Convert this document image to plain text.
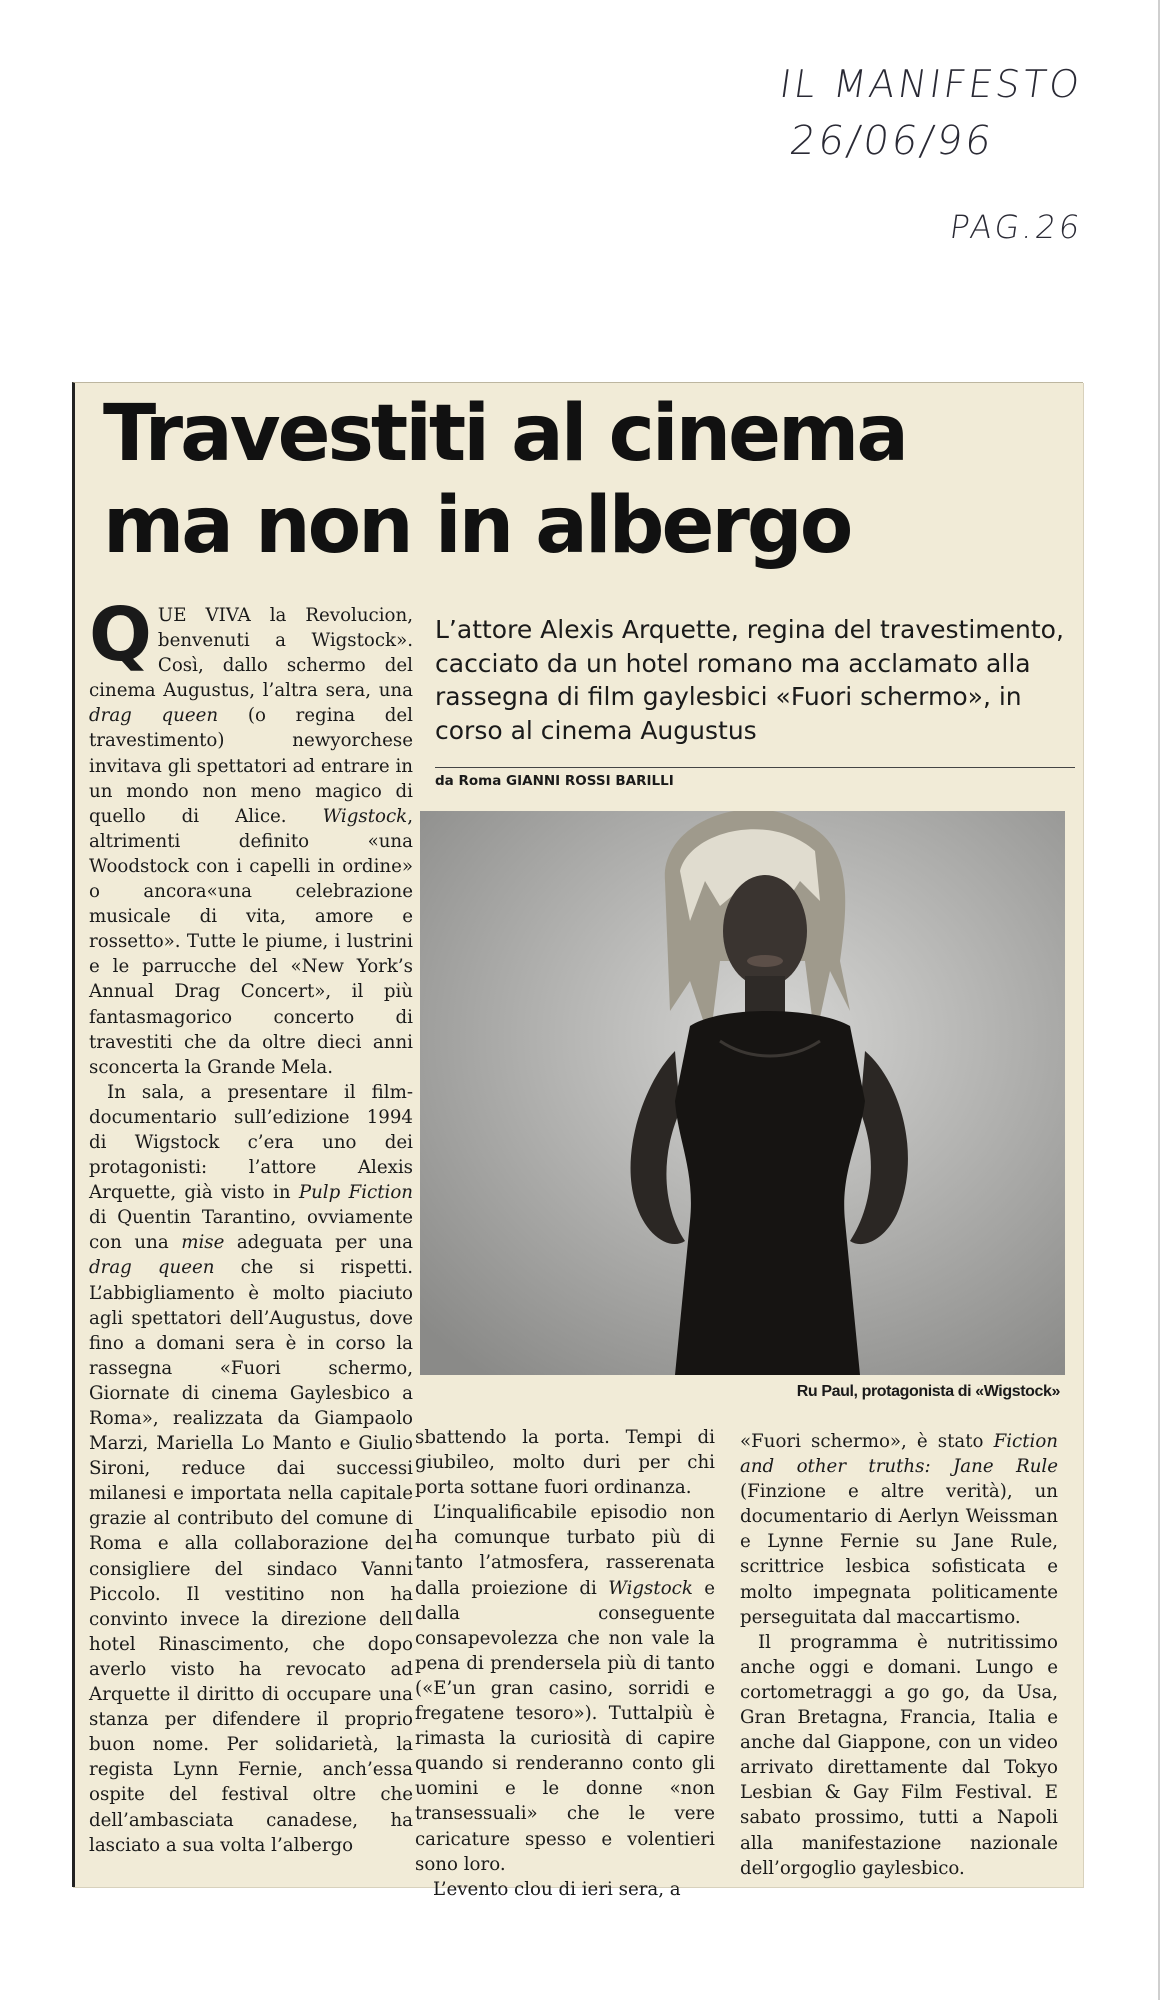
IL MANIFESTO
26/06/96
PAG.26
Travestiti al cinema
ma non in albergo

QUE VIVA la Revolucion, benvenuti a Wigstock». Così, dallo schermo del cinema Augustus, l’altra sera, una drag queen (o regina del travestimento) newyorchese invitava gli spettatori ad entrare in un mondo non meno magico di quello di Alice. Wigstock, altrimenti definito «una Woodstock con i capelli in ordine» o ancora«una celebrazione musicale di vita, amore e rossetto». Tutte le piume, i lustrini e le parrucche del «New York’s Annual Drag Concert», il più fantasmagorico concerto di travestiti che da oltre dieci anni sconcerta la Grande Mela.

In sala, a presentare il film-documentario sull’edizione 1994 di Wigstock c’era uno dei protagonisti: l’attore Alexis Arquette, già visto in Pulp Fiction di Quentin Tarantino, ovviamente con una mise adeguata per una drag queen che si rispetti. L’abbigliamento è molto piaciuto agli spettatori dell’Augustus, dove fino a domani sera è in corso la rassegna «Fuori schermo, Giornate di cinema Gaylesbico a Roma», realizzata da Giampaolo Marzi, Mariella Lo Manto e Giulio Sironi, reduce dai successi milanesi e importata nella capitale grazie al contributo del comune di Roma e alla collaborazione del consigliere del sindaco Vanni Piccolo. Il vestitino non ha convinto invece la direzione dell hotel Rinascimento, che dopo averlo visto ha revocato ad Arquette il diritto di occupare una stanza per difendere il proprio buon nome. Per solidarietà, la regista Lynn Fernie, anch’essa ospite del festival oltre che dell’ambasciata canadese, ha lasciato a sua volta l’albergo

L’attore Alexis Arquette, regina del travestimento, cacciato da un hotel romano ma acclamato alla rassegna di film gaylesbici «Fuori schermo», in corso al cinema Augustus
da Roma GIANNI ROSSI BARILLI
Ru Paul, protagonista di «Wigstock»

sbattendo la porta. Tempi di giubileo, molto duri per chi porta sottane fuori ordinanza.

L’inqualificabile episodio non ha comunque turbato più di tanto l’atmosfera, rasserenata dalla proiezione di Wigstock e dalla conseguente consapevolezza che non vale la pena di prendersela più di tanto («E’un gran casino, sorridi e fregatene tesoro»). Tuttalpiù è rimasta la curiosità di capire quando si renderanno conto gli uomini e le donne «non transessuali» che le vere caricature spesso e volentieri sono loro.

L’evento clou di ieri sera, a

«Fuori schermo», è stato Fiction and other truths: Jane Rule (Finzione e altre verità), un documentario di Aerlyn Weissman e Lynne Fernie su Jane Rule, scrittrice lesbica sofisticata e molto impegnata politicamente perseguitata dal maccartismo.

Il programma è nutritissimo anche oggi e domani. Lungo e cortometraggi a go go, da Usa, Gran Bretagna, Francia, Italia e anche dal Giappone, con un video arrivato direttamente dal Tokyo Lesbian & Gay Film Festival. E sabato prossimo, tutti a Napoli alla manifestazione nazionale dell’orgoglio gaylesbico.
